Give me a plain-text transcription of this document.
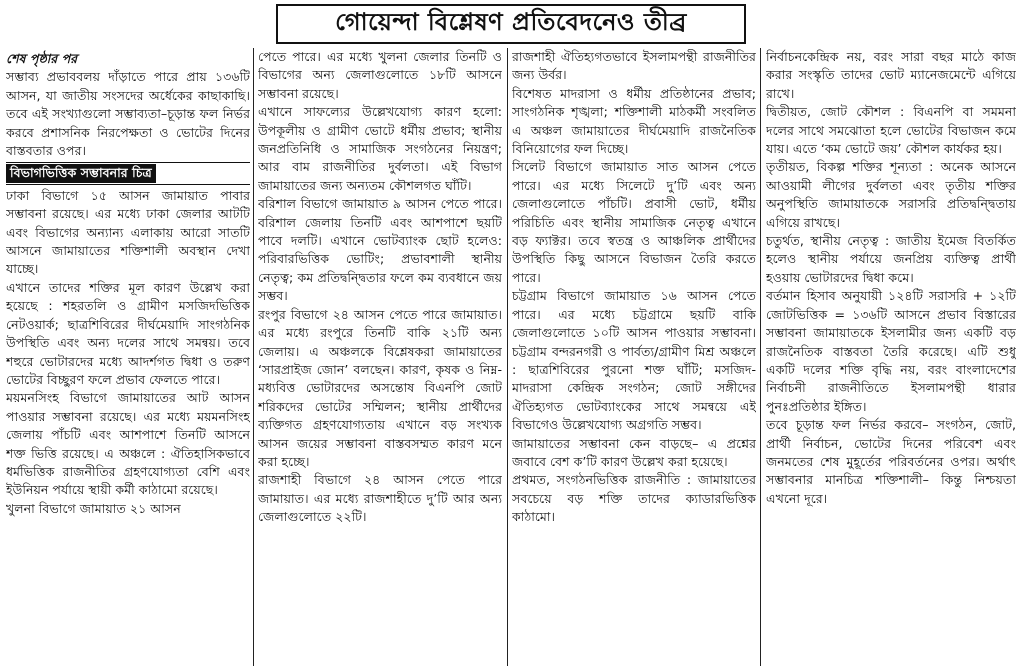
গোয়েন্দা বিশ্লেষণ প্রতিবেদনেও তীব্র

শেষ পৃষ্ঠার পর

সম্ভাব্য প্রভাববলয় দাঁড়াতে পারে প্রায় ১৩৬টি আসন, যা জাতীয় সংসদের অর্ধেকের কাছাকাছি। তবে এই সংখ্যাগুলো সম্ভাব্যতা–চূড়ান্ত ফল নির্ভর করবে প্রশাসনিক নিরপেক্ষতা ও ভোটের দিনের বাস্তবতার ওপর।

বিভাগভিত্তিক সম্ভাবনার চিত্র

ঢাকা বিভাগে ১৫ আসন জামায়াত পাবার সম্ভাবনা রয়েছে। এর মধ্যে ঢাকা জেলার আটটি এবং বিভাগের অন্যান্য এলাকায় আরো সাতটি আসনে জামায়াতের শক্তিশালী অবস্থান দেখা যাচ্ছে।

এখানে তাদের শক্তির মূল কারণ উল্লেখ করা হয়েছে : শহরতলি ও গ্রামীণ মসজিদভিত্তিক নেটওয়ার্ক; ছাত্রশিবিরের দীর্ঘমেয়াদি সাংগঠনিক উপস্থিতি এবং অন্য দলের সাথে সমন্বয়। তবে শহুরে ভোটারদের মধ্যে আদর্শগত দ্বিধা ও তরুণ ভোটের বিচ্ছুরণ ফলে প্রভাব ফেলতে পারে।

ময়মনসিংহ বিভাগে জামায়াতের আট আসন পাওয়ার সম্ভাবনা রয়েছে। এর মধ্যে ময়মনসিংহ জেলায় পাঁচটি এবং আশপাশে তিনটি আসনে শক্ত ভিত্তি রয়েছে। এ অঞ্চলে : ঐতিহাসিকভাবে ধর্মভিত্তিক রাজনীতির গ্রহণযোগ্যতা বেশি এবং ইউনিয়ন পর্যায়ে স্থায়ী কর্মী কাঠামো রয়েছে।

খুলনা বিভাগে জামায়াত ২১ আসন

পেতে পারে। এর মধ্যে খুলনা জেলার তিনটি ও বিভাগের অন্য জেলাগুলোতে ১৮টি আসনে সম্ভাবনা রয়েছে।

এখানে সাফল্যের উল্লেখযোগ্য কারণ হলো: উপকূলীয় ও গ্রামীণ ভোটে ধর্মীয় প্রভাব; স্থানীয় জনপ্রতিনিধি ও সামাজিক সংগঠনের নিয়ন্ত্রণ; আর বাম রাজনীতির দুর্বলতা। এই বিভাগ জামায়াতের জন্য অন্যতম কৌশলগত ঘাঁটি।

বরিশাল বিভাগে জামায়াত ৯ আসন পেতে পারে। বরিশাল জেলায় তিনটি এবং আশপাশে ছয়টি পাবে দলটি। এখানে ভোটব্যাংক ছোট হলেও: পরিবারভিত্তিক ভোটিং; প্রভাবশালী স্থানীয় নেতৃত্ব; কম প্রতিদ্বন্দ্বিতার ফলে কম ব্যবধানে জয় সম্ভব।

রংপুর বিভাগে ২৪ আসন পেতে পারে জামায়াত। এর মধ্যে রংপুরে তিনটি বাকি ২১টি অন্য জেলায়। এ অঞ্চলকে বিশ্লেষকরা জামায়াতের ‘সারপ্রাইজ জোন’ বলছেন। কারণ, কৃষক ও নিম্ন-মধ্যবিত্ত ভোটারদের অসন্তোষ বিএনপি জোট শরিকদের ভোটের সম্মিলন; স্থানীয় প্রার্থীদের ব্যক্তিগত গ্রহণযোগ্যতায় এখানে বড় সংখ্যক আসন জয়ের সম্ভাবনা বাস্তবসম্মত কারণ মনে করা হচ্ছে।

রাজশাহী বিভাগে ২৪ আসন পেতে পারে জামায়াত। এর মধ্যে রাজশাহীতে দু’টি আর অন্য জেলাগুলোতে ২২টি।

রাজশাহী ঐতিহ্যগতভাবে ইসলামপন্থী রাজনীতির জন্য উর্বর।

বিশেষত মাদরাসা ও ধর্মীয় প্রতিষ্ঠানের প্রভাব; সাংগঠনিক শৃঙ্খলা; শক্তিশালী মাঠকর্মী সংবলিত এ অঞ্চল জামায়াতের দীর্ঘমেয়াদি রাজনৈতিক বিনিয়োগের ফল দিচ্ছে।

সিলেট বিভাগে জামায়াত সাত আসন পেতে পারে। এর মধ্যে সিলেটে দু’টি এবং অন্য জেলাগুলোতে পাঁচটি। প্রবাসী ভোট, ধর্মীয় পরিচিতি এবং স্থানীয় সামাজিক নেতৃত্ব এখানে বড় ফ্যাক্টর। তবে স্বতন্ত্র ও আঞ্চলিক প্রার্থীদের উপস্থিতি কিছু আসনে বিভাজন তৈরি করতে পারে।

চট্টগ্রাম বিভাগে জামায়াত ১৬ আসন পেতে পারে। এর মধ্যে চট্টগ্রামে ছয়টি বাকি জেলাগুলোতে ১০টি আসন পাওয়ার সম্ভাবনা। চট্টগ্রাম বন্দরনগরী ও পার্বত্য/গ্রামীণ মিশ্র অঞ্চলে : ছাত্রশিবিরের পুরনো শক্ত ঘাঁটি; মসজিদ-মাদরাসা কেন্দ্রিক সংগঠন; জোট সঙ্গীদের ঐতিহ্যগত ভোটব্যাংকের সাথে সমন্বয়ে এই বিভাগেও উল্লেখযোগ্য অগ্রগতি সম্ভব।

জামায়াতের সম্ভাবনা কেন বাড়ছে– এ প্রশ্নের জবাবে বেশ ক’টি কারণ উল্লেখ করা হয়েছে।

প্রথমত, সংগঠনভিত্তিক রাজনীতি : জামায়াতের সবচেয়ে বড় শক্তি তাদের ক্যাডারভিত্তিক কাঠামো।

নির্বাচনকেন্দ্রিক নয়, বরং সারা বছর মাঠে কাজ করার সংস্কৃতি তাদের ভোট ম্যানেজমেন্টে এগিয়ে রাখে।

দ্বিতীয়ত, জোট কৌশল : বিএনপি বা সমমনা দলের সাথে সমঝোতা হলে ভোটের বিভাজন কমে যায়। এতে ‘কম ভোটে জয়’ কৌশল কার্যকর হয়।

তৃতীয়ত, বিকল্প শক্তির শূন্যতা : অনেক আসনে আওয়ামী লীগের দুর্বলতা এবং তৃতীয় শক্তির অনুপস্থিতি জামায়াতকে সরাসরি প্রতিদ্বন্দ্বিতায় এগিয়ে রাখছে।

চতুর্থত, স্থানীয় নেতৃত্ব : জাতীয় ইমেজ বিতর্কিত হলেও স্থানীয় পর্যায়ে জনপ্রিয় ব্যক্তিত্ব প্রার্থী হওয়ায় ভোটারদের দ্বিধা কমে।

বর্তমান হিসাব অনুযায়ী ১২৪টি সরাসরি + ১২টি জোটভিত্তিক = ১৩৬টি আসনে প্রভাব বিস্তারের সম্ভাবনা জামায়াতকে ইসলামীর জন্য একটি বড় রাজনৈতিক বাস্তবতা তৈরি করেছে। এটি শুধু একটি দলের শক্তি বৃদ্ধি নয়, বরং বাংলাদেশের নির্বাচনী রাজনীতিতে ইসলামপন্থী ধারার পুনঃপ্রতিষ্ঠার ইঙ্গিত।

তবে চূড়ান্ত ফল নির্ভর করবে– সংগঠন, জোট, প্রার্থী নির্বাচন, ভোটের দিনের পরিবেশ এবং জনমতের শেষ মুহূর্তের পরিবর্তনের ওপর। অর্থাৎ সম্ভাবনার মানচিত্র শক্তিশালী– কিন্তু নিশ্চয়তা এখনো দূরে।
